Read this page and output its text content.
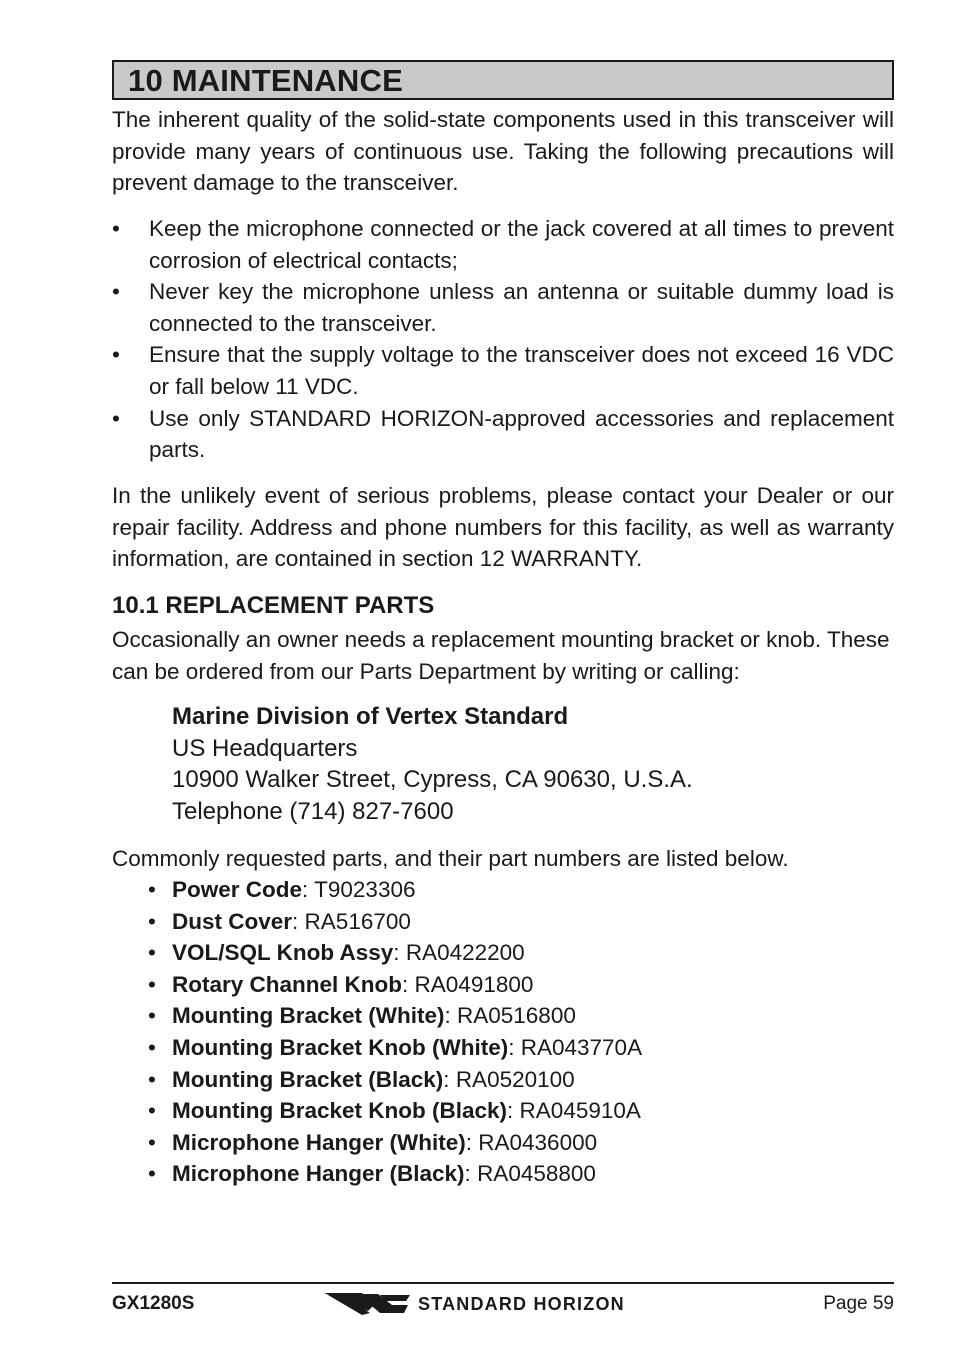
10 MAINTENANCE

The inherent quality of the solid-state components used in this transceiver will provide many years of continuous use. Taking the following precautions will prevent damage to the transceiver.

• Keep the microphone connected or the jack covered at all times to prevent corrosion of electrical contacts;
• Never key the microphone unless an antenna or suitable dummy load is connected to the transceiver.
• Ensure that the supply voltage to the transceiver does not exceed 16 VDC or fall below 11 VDC.
• Use only STANDARD HORIZON-approved accessories and replacement parts.

In the unlikely event of serious problems, please contact your Dealer or our repair facility. Address and phone numbers for this facility, as well as warranty information, are contained in section 12 WARRANTY.

10.1 REPLACEMENT PARTS

Occasionally an owner needs a replacement mounting bracket or knob. These can be ordered from our Parts Department by writing or calling:

Marine Division of Vertex Standard
US Headquarters
10900 Walker Street, Cypress, CA 90630, U.S.A.
Telephone (714) 827-7600

Commonly requested parts, and their part numbers are listed below.

• Power Code: T9023306
• Dust Cover: RA516700
• VOL/SQL Knob Assy: RA0422200
• Rotary Channel Knob: RA0491800
• Mounting Bracket (White): RA0516800
• Mounting Bracket Knob (White): RA043770A
• Mounting Bracket (Black): RA0520100
• Mounting Bracket Knob (Black): RA045910A
• Microphone Hanger (White): RA0436000
• Microphone Hanger (Black): RA0458800
GX1280S	STANDARD HORIZON	Page 59
